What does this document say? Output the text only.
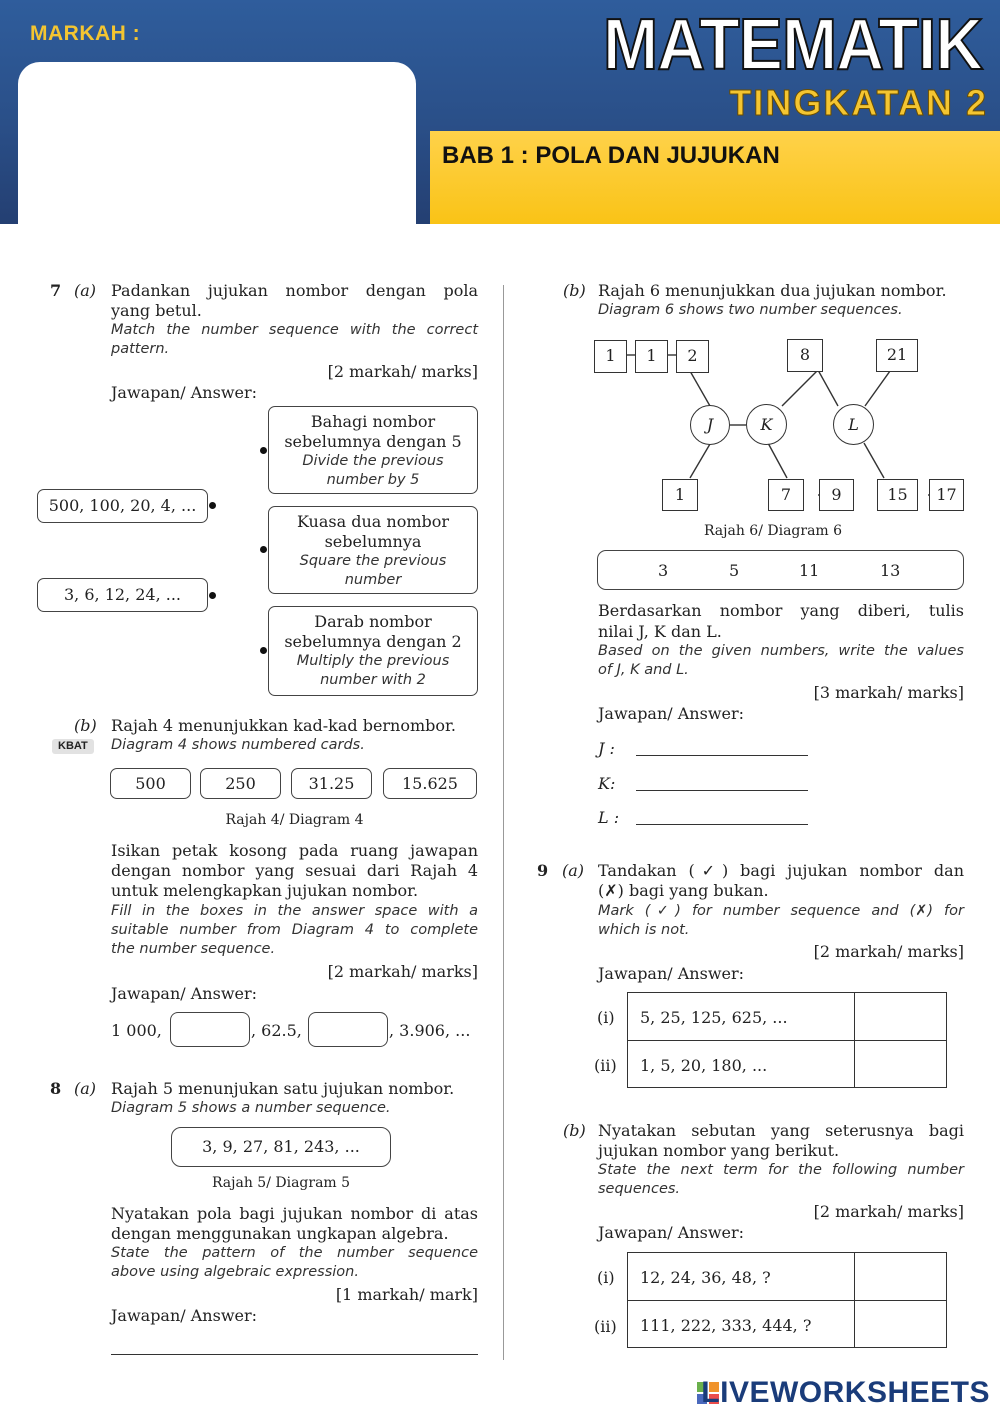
MARKAH :	MATEMATIK
TINGKATAN 2
BAB 1 : POLA DAN JUJUKAN
7 (a) Padankan jujukan nombor dengan pola
yang betul.
Match the number sequence with the correct
pattern.
[2 markah/ marks]
Jawapan/ Answer:
Bahagi nombor
sebelumnya dengan 5
Divide the previous
number by 5
Kuasa dua nombor
sebelumnya
Square the previous
number
Darab nombor
sebelumnya dengan 2
Multiply the previous
number with 2
500, 100, 20, 4, ...
3, 6, 12, 24, ...
(b) Rajah 4 menunjukkan kad-kad bernombor.
KBAT	Diagram 4 shows numbered cards.
500	250	31.25	15.625
Rajah 4/ Diagram 4
Isikan petak kosong pada ruang jawapan
dengan nombor yang sesuai dari Rajah 4
untuk melengkapkan jujukan nombor.
Fill in the boxes in the answer space with a
suitable number from Diagram 4 to complete
the number sequence.
[2 markah/ marks]
Jawapan/ Answer:
1 000,	, 62.5,	, 3.906, ...
8 (a) Rajah 5 menunjukan satu jujukan nombor.
Diagram 5 shows a number sequence.
3, 9, 27, 81, 243, ...
Rajah 5/ Diagram 5
Nyatakan pola bagi jujukan nombor di atas
dengan menggunakan ungkapan algebra.
State the pattern of the number sequence
above using algebraic expression.
[1 markah/ mark]
Jawapan/ Answer:
(b) Rajah 6 menunjukkan dua jujukan nombor.
Diagram 6 shows two number sequences.
1	1	2	8	21
J	K	L
1	7	9	15	17
Rajah 6/ Diagram 6
3	5	11	13
Berdasarkan nombor yang diberi, tulis
nilai J, K dan L.
Based on the given numbers, write the values
of J, K and L.
[3 markah/ marks]
Jawapan/ Answer:
J :
K:
L :
9 (a) Tandakan (✓) bagi jujukan nombor dan
(✗) bagi yang bukan.
Mark (✓) for number sequence and (✗) for
which is not.
[2 markah/ marks]
Jawapan/ Answer:
(i) 5, 25, 125, 625, ...
(ii) 1, 5, 20, 180, ...
(b) Nyatakan sebutan yang seterusnya bagi
jujukan nombor yang berikut.
State the next term for the following number
sequences.
[2 markah/ marks]
Jawapan/ Answer:
(i) 12, 24, 36, 48, ?
(ii) 111, 222, 333, 444, ?
LIVEWORKSHEETS
